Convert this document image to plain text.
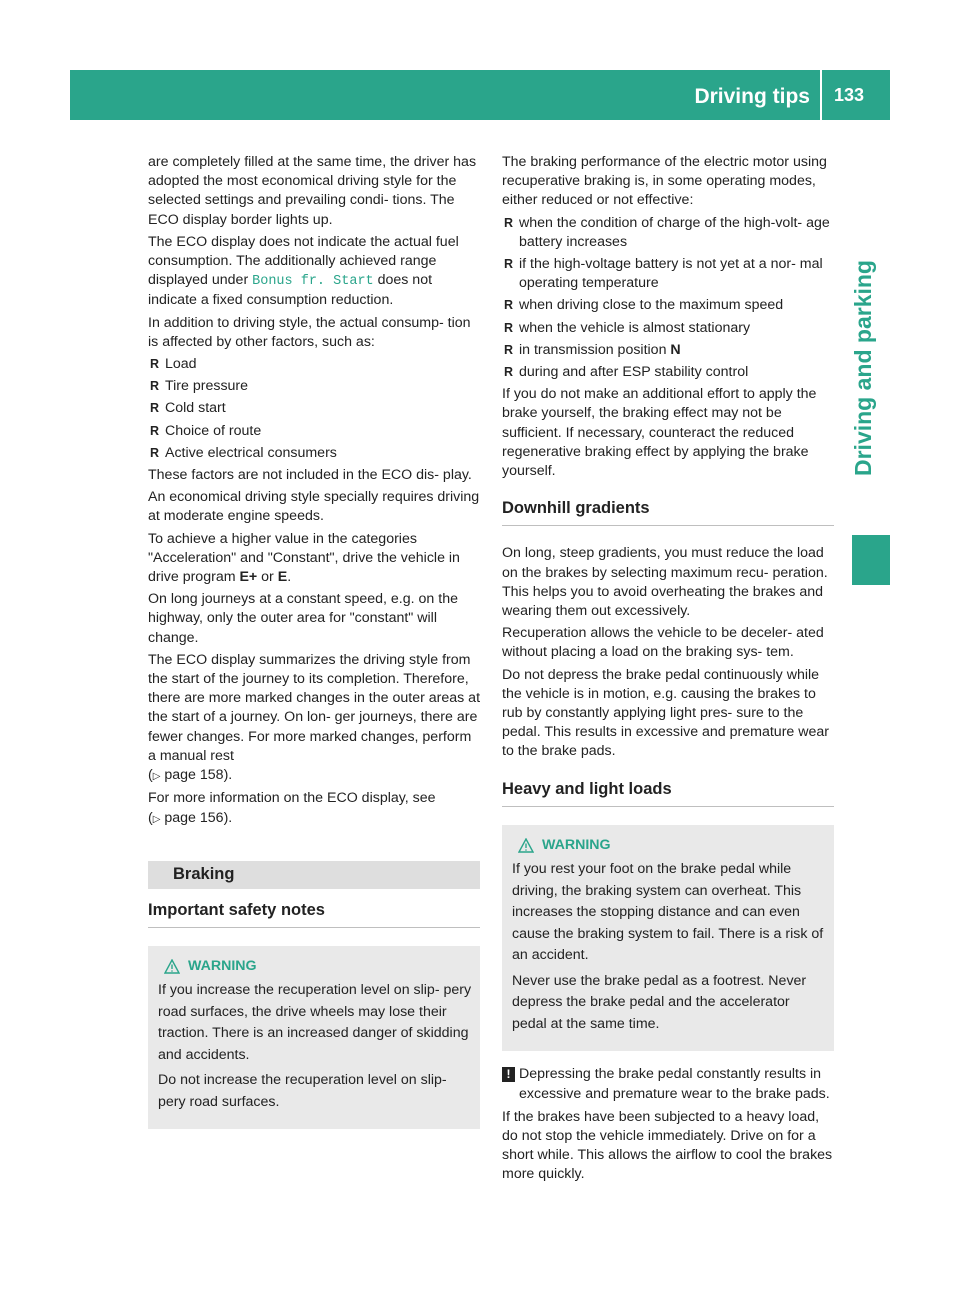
Driving tips	133
Driving and parking

are completely filled at the same time, the driver has adopted the most economical driving style for the selected settings and prevailing condi- tions. The ECO display border lights up.

The ECO display does not indicate the actual fuel consumption. The additionally achieved range displayed under Bonus fr. Start does not indicate a fixed consumption reduction.

In addition to driving style, the actual consump- tion is affected by other factors, such as:

R Load
R Tire pressure
R Cold start
R Choice of route
R Active electrical consumers

These factors are not included in the ECO dis- play.

An economical driving style specially requires driving at moderate engine speeds.

To achieve a higher value in the categories "Acceleration" and "Constant", drive the vehicle in drive program E+ or E.

On long journeys at a constant speed, e.g. on the highway, only the outer area for "constant" will change.

The ECO display summarizes the driving style from the start of the journey to its completion. Therefore, there are more marked changes in the outer areas at the start of a journey. On lon- ger journeys, there are fewer changes. For more marked changes, perform a manual rest
(▷ page 158).

For more information on the ECO display, see
(▷ page 156).

Braking
Important safety notes
WARNING

If you increase the recuperation level on slip- pery road surfaces, the drive wheels may lose their traction. There is an increased danger of skidding and accidents.

Do not increase the recuperation level on slip- pery road surfaces.

The braking performance of the electric motor using recuperative braking is, in some operating modes, either reduced or not effective:

R when the condition of charge of the high-volt- age battery increases
R if the high-voltage battery is not yet at a nor- mal operating temperature
R when driving close to the maximum speed
R when the vehicle is almost stationary
R in transmission position N
R during and after ESP stability control

If you do not make an additional effort to apply the brake yourself, the braking effect may not be sufficient. If necessary, counteract the reduced regenerative braking effect by applying the brake yourself.

Downhill gradients

On long, steep gradients, you must reduce the load on the brakes by selecting maximum recu- peration. This helps you to avoid overheating the brakes and wearing them out excessively.

Recuperation allows the vehicle to be deceler- ated without placing a load on the braking sys- tem.

Do not depress the brake pedal continuously while the vehicle is in motion, e.g. causing the brakes to rub by constantly applying light pres- sure to the pedal. This results in excessive and premature wear to the brake pads.

Heavy and light loads
WARNING

If you rest your foot on the brake pedal while driving, the braking system can overheat. This increases the stopping distance and can even cause the braking system to fail. There is a risk of an accident.

Never use the brake pedal as a footrest. Never depress the brake pedal and the accelerator pedal at the same time.

! Depressing the brake pedal constantly results in excessive and premature wear to the brake pads.

If the brakes have been subjected to a heavy load, do not stop the vehicle immediately. Drive on for a short while. This allows the airflow to cool the brakes more quickly.
